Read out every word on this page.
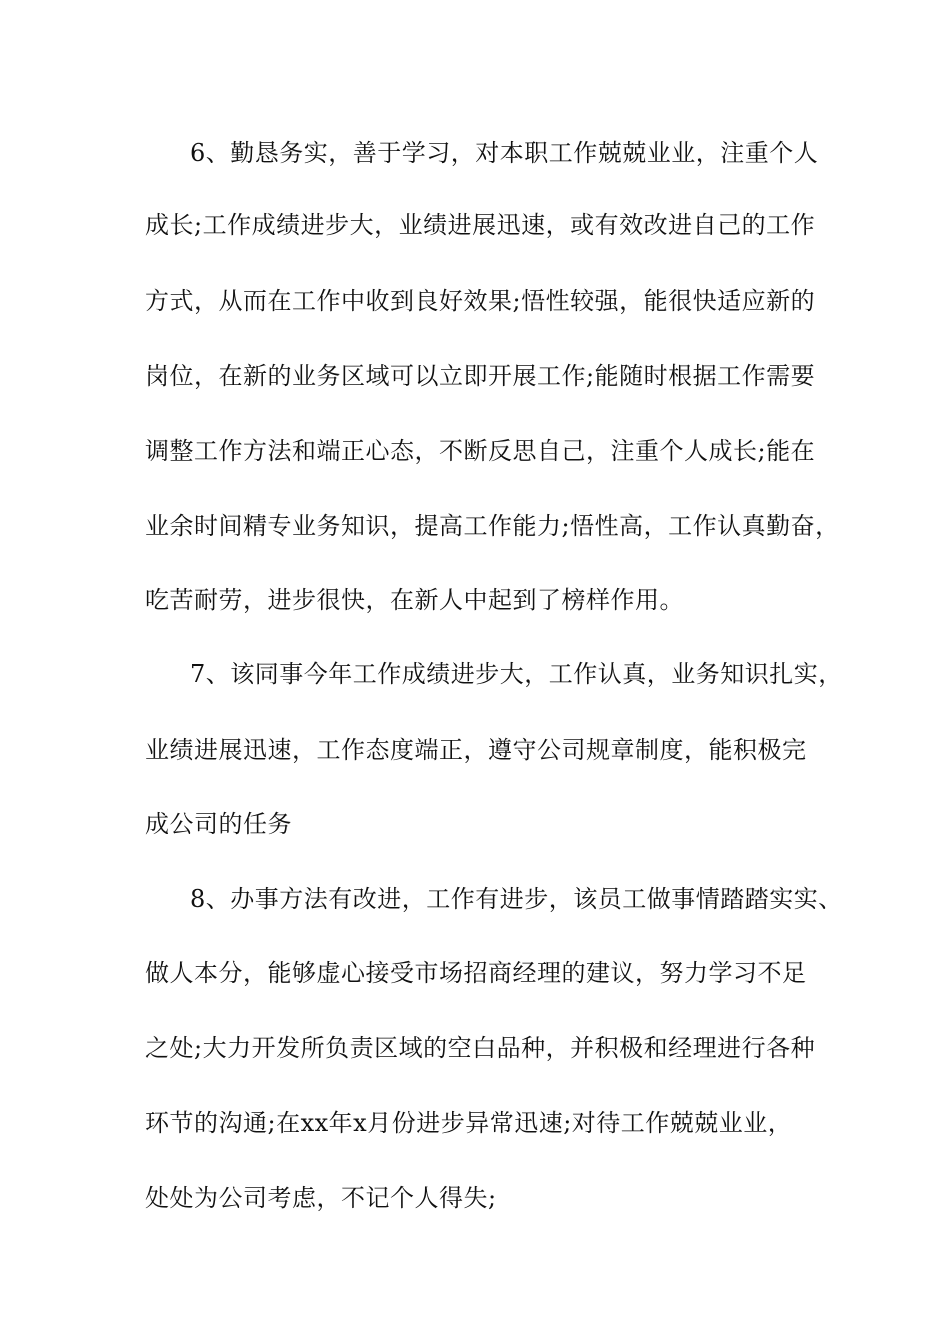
6、勤恳务实，善于学习，对本职工作兢兢业业，注重个人
成长;工作成绩进步大，业绩进展迅速，或有效改进自己的工作
方式，从而在工作中收到良好效果;悟性较强，能很快适应新的
岗位，在新的业务区域可以立即开展工作;能随时根据工作需要
调整工作方法和端正心态，不断反思自己，注重个人成长;能在
业余时间精专业务知识，提高工作能力;悟性高，工作认真勤奋，
吃苦耐劳，进步很快，在新人中起到了榜样作用。
7、该同事今年工作成绩进步大，工作认真，业务知识扎实，
业绩进展迅速，工作态度端正，遵守公司规章制度，能积极完
成公司的任务
8、办事方法有改进，工作有进步，该员工做事情踏踏实实、
做人本分，能够虚心接受市场招商经理的建议，努力学习不足
之处;大力开发所负责区域的空白品种，并积极和经理进行各种
环节的沟通;在xx年x月份进步异常迅速;对待工作兢兢业业，
处处为公司考虑，不记个人得失;
